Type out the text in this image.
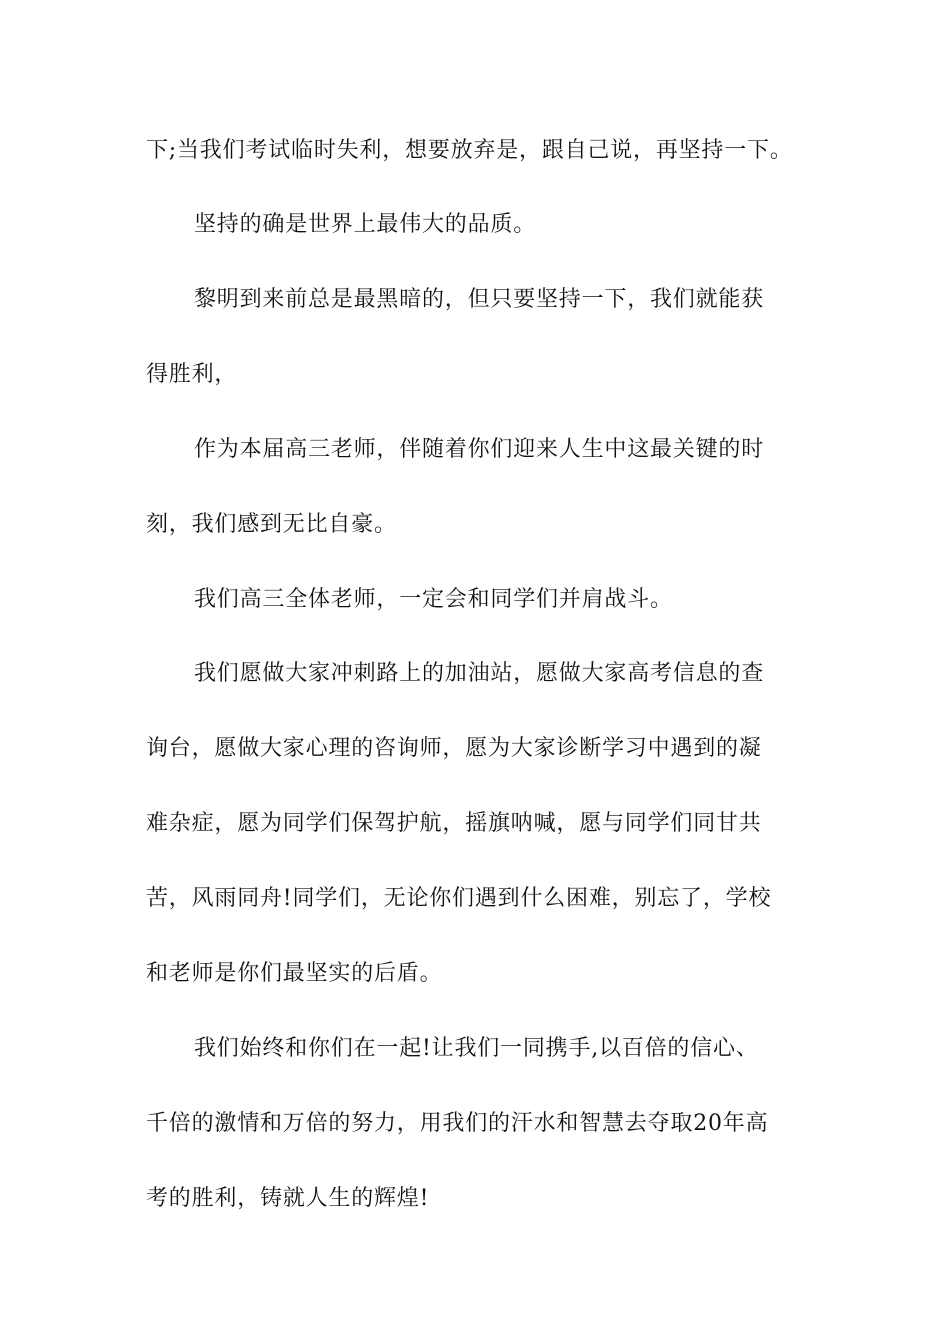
下;当我们考试临时失利，想要放弃是，跟自己说，再坚持一下。
坚持的确是世界上最伟大的品质。
黎明到来前总是最黑暗的，但只要坚持一下，我们就能获
得胜利，
作为本届高三老师，伴随着你们迎来人生中这最关键的时
刻，我们感到无比自豪。
我们高三全体老师，一定会和同学们并肩战斗。
我们愿做大家冲刺路上的加油站，愿做大家高考信息的查
询台，愿做大家心理的咨询师，愿为大家诊断学习中遇到的凝
难杂症，愿为同学们保驾护航，摇旗呐喊，愿与同学们同甘共
苦，风雨同舟!同学们，无论你们遇到什么困难，别忘了，学校
和老师是你们最坚实的后盾。
我们始终和你们在一起!让我们一同携手,以百倍的信心、
千倍的激情和万倍的努力，用我们的汗水和智慧去夺取20年高
考的胜利，铸就人生的辉煌!
